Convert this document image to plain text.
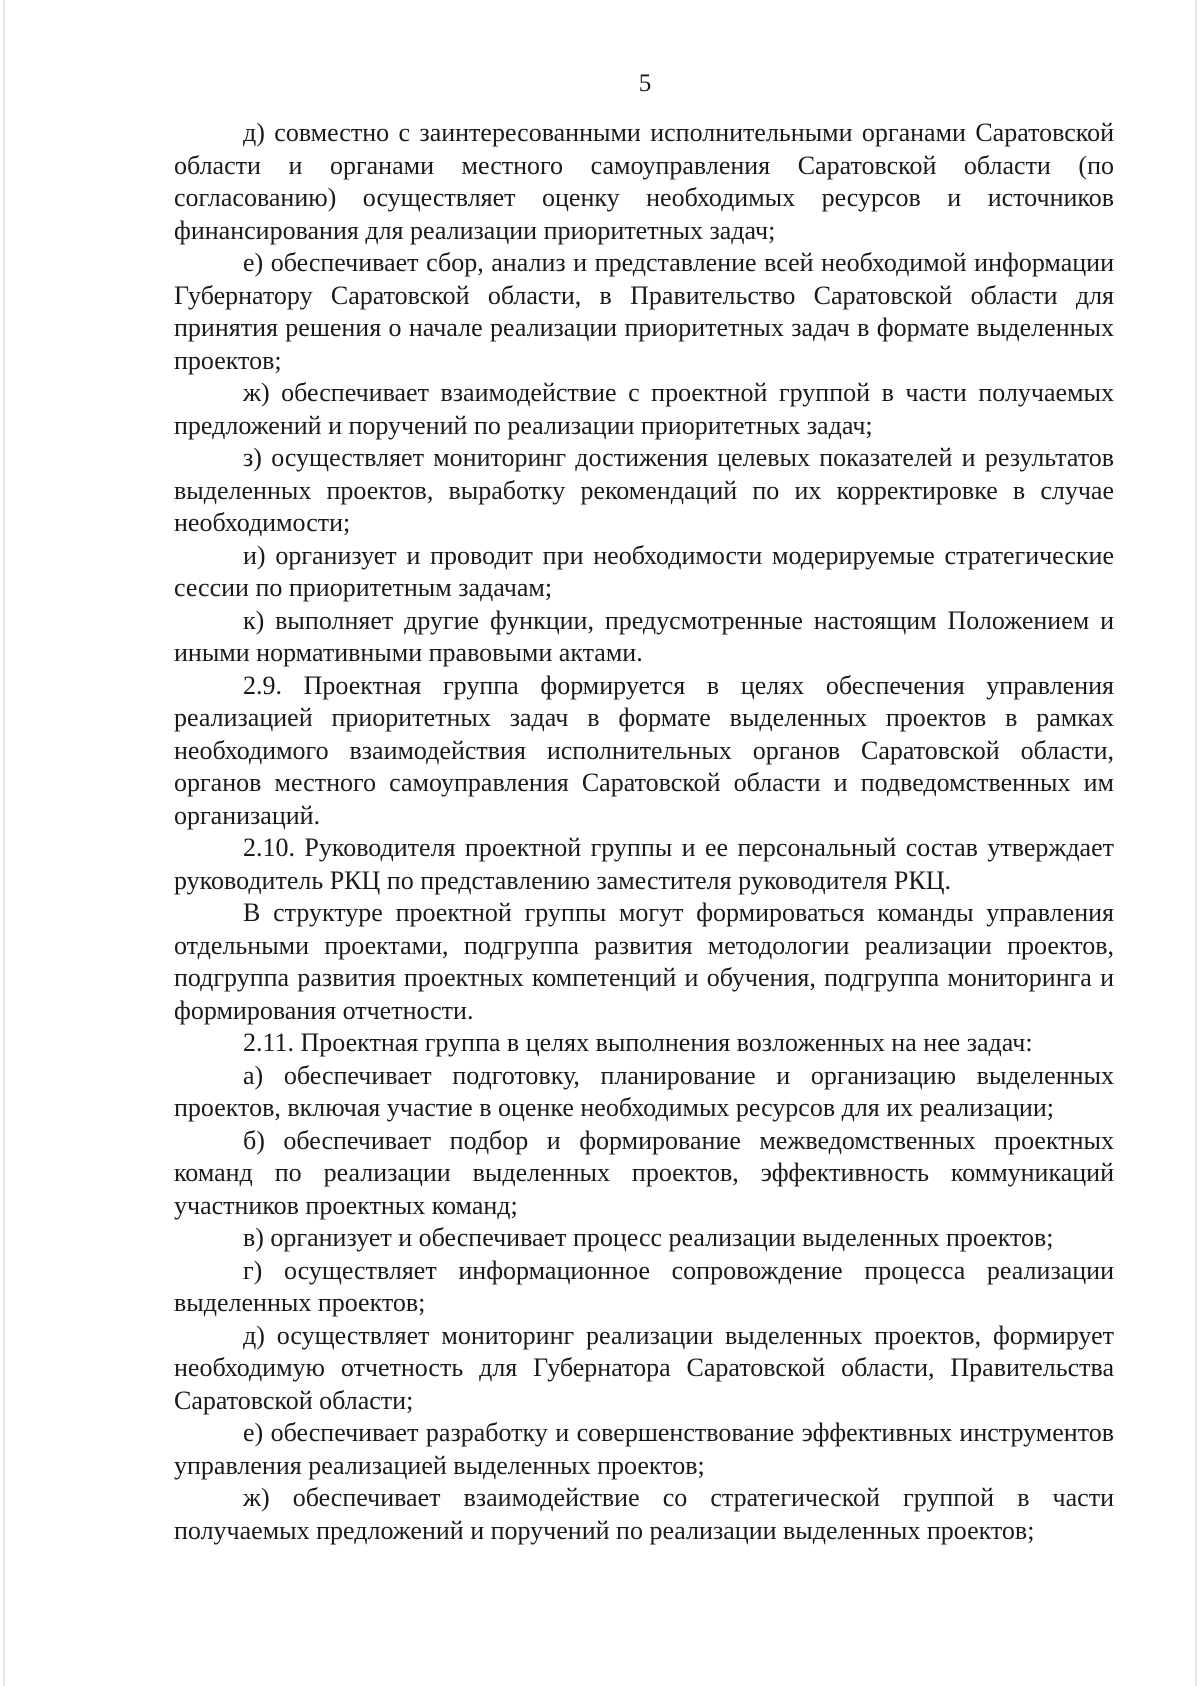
5

д) совместно с заинтересованными исполнительными органами Саратовской области и органами местного самоуправления Саратовской области (по согласованию) осуществляет оценку необходимых ресурсов и источников финансирования для реализации приоритетных задач;

е) обеспечивает сбор, анализ и представление всей необходимой информации Губернатору Саратовской области, в Правительство Саратовской области для принятия решения о начале реализации приоритетных задач в формате выделенных проектов;

ж) обеспечивает взаимодействие с проектной группой в части получаемых предложений и поручений по реализации приоритетных задач;

з) осуществляет мониторинг достижения целевых показателей и результатов выделенных проектов, выработку рекомендаций по их корректировке в случае необходимости;

и) организует и проводит при необходимости модерируемые стратегические сессии по приоритетным задачам;

к) выполняет другие функции, предусмотренные настоящим Положением и иными нормативными правовыми актами.

2.9. Проектная группа формируется в целях обеспечения управления реализацией приоритетных задач в формате выделенных проектов в рамках необходимого взаимодействия исполнительных органов Саратовской области, органов местного самоуправления Саратовской области и подведомственных им организаций.

2.10. Руководителя проектной группы и ее персональный состав утверждает руководитель РКЦ по представлению заместителя руководителя РКЦ.

В структуре проектной группы могут формироваться команды управления отдельными проектами, подгруппа развития методологии реализации проектов, подгруппа развития проектных компетенций и обучения, подгруппа мониторинга и формирования отчетности.

2.11. Проектная группа в целях выполнения возложенных на нее задач:

а) обеспечивает подготовку, планирование и организацию выделенных проектов, включая участие в оценке необходимых ресурсов для их реализации;

б) обеспечивает подбор и формирование межведомственных проектных команд по реализации выделенных проектов, эффективность коммуникаций участников проектных команд;

в) организует и обеспечивает процесс реализации выделенных проектов;

г) осуществляет информационное сопровождение процесса реализации выделенных проектов;

д) осуществляет мониторинг реализации выделенных проектов, формирует необходимую отчетность для Губернатора Саратовской области, Правительства Саратовской области;

е) обеспечивает разработку и совершенствование эффективных инструментов управления реализацией выделенных проектов;

ж) обеспечивает взаимодействие со стратегической группой в части получаемых предложений и поручений по реализации выделенных проектов;
